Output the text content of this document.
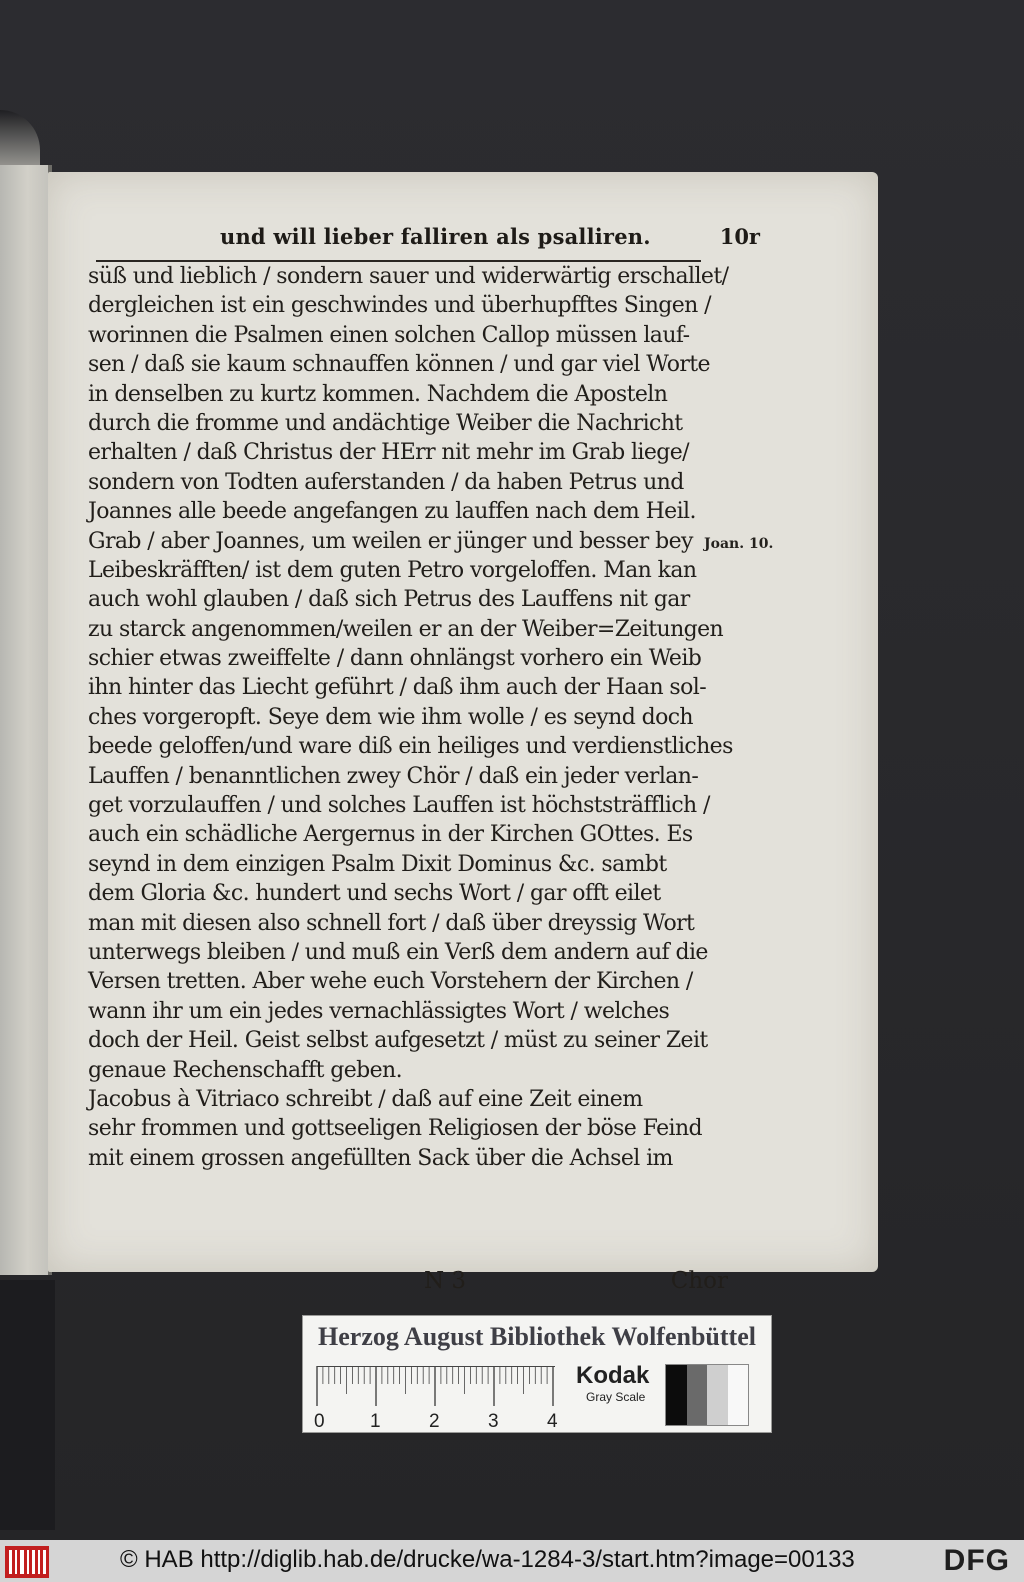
und will lieber falliren als psalliren.	10r
süß und lieblich / sondern sauer und widerwärtig erschallet/
dergleichen ist ein geschwindes und überhupfftes Singen /
worinnen die Psalmen einen solchen Callop müssen lauf-
sen / daß sie kaum schnauffen können / und gar viel Worte
in denselben zu kurtz kommen. Nachdem die Aposteln
durch die fromme und andächtige Weiber die Nachricht
erhalten / daß Christus der HErr nit mehr im Grab liege/
sondern von Todten auferstanden / da haben Petrus und
Joannes alle beede angefangen zu lauffen nach dem Heil.
Grab / aber Joannes, um weilen er jünger und besser bey
Leibeskräfften/ ist dem guten Petro vorgeloffen. Man kan
auch wohl glauben / daß sich Petrus des Lauffens nit gar
zu starck angenommen/weilen er an der Weiber=Zeitungen
schier etwas zweiffelte / dann ohnlängst vorhero ein Weib
ihn hinter das Liecht geführt / daß ihm auch der Haan sol-
ches vorgeropft. Seye dem wie ihm wolle / es seynd doch
beede geloffen/und ware diß ein heiliges und verdienstliches
Lauffen / benanntlichen zwey Chör / daß ein jeder verlan-
get vorzulauffen / und solches Lauffen ist höchststräfflich /
auch ein schädliche Aergernus in der Kirchen GOttes. Es
seynd in dem einzigen Psalm Dixit Dominus &c. sambt
dem Gloria &c. hundert und sechs Wort / gar offt eilet
man mit diesen also schnell fort / daß über dreyssig Wort
unterwegs bleiben / und muß ein Verß dem andern auf die
Versen tretten. Aber wehe euch Vorstehern der Kirchen /
wann ihr um ein jedes vernachlässigtes Wort / welches
doch der Heil. Geist selbst aufgesetzt / müst zu seiner Zeit
genaue Rechenschafft geben.
Jacobus à Vitriaco schreibt / daß auf eine Zeit einem
sehr frommen und gottseeligen Religiosen der böse Feind
mit einem grossen angefüllten Sack über die Achsel im
N 3	Chor
Joan. 10.
Herzog August Bibliothek Wolfenbüttel
0 1	2	3	4
Kodak
Gray Scale
© HAB http://diglib.hab.de/drucke/wa-1284-3/start.htm?image=00133	DFG
